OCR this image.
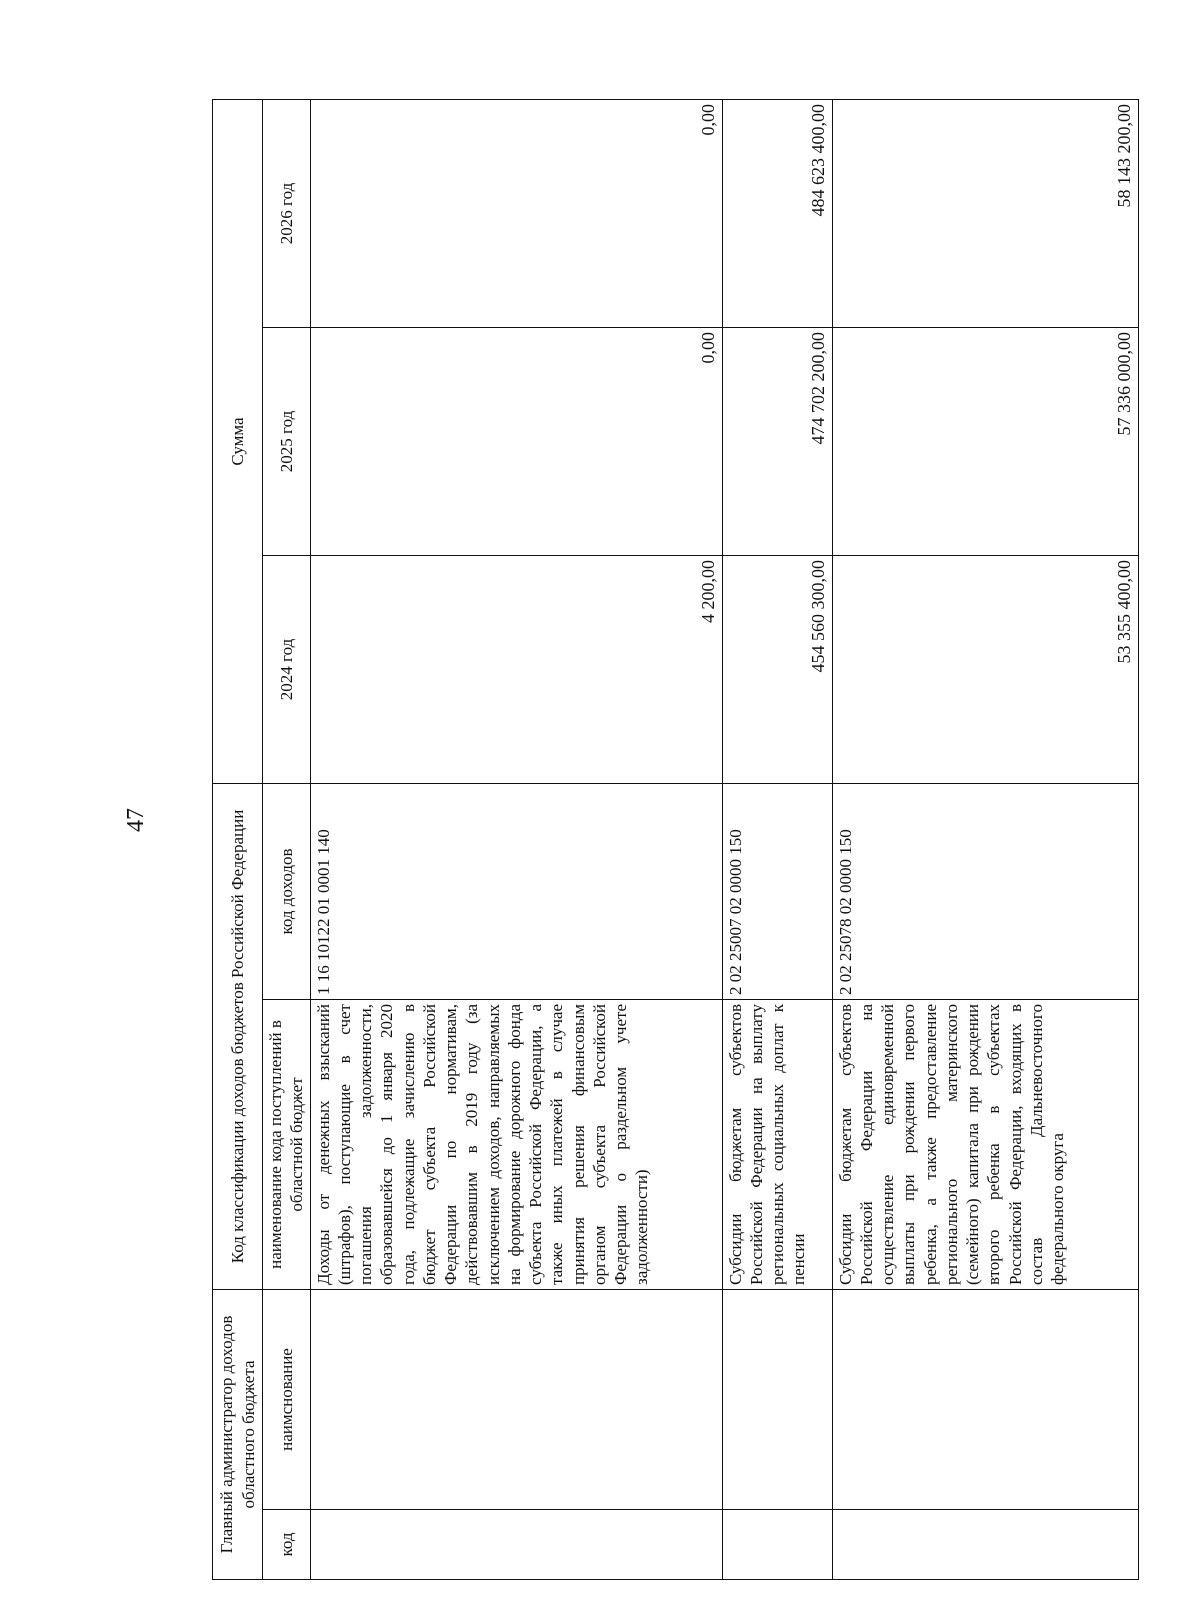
47
Главный администратор доходов областного бюджета		Код классификации доходов бюджетов Российской Федерации		Сумма		
код	наимснование	наименование кода поступлений в областной бюджет	код доходов	2024 год	2025 год	2026 год
		Доходы от денежных взысканий (штрафов), поступающие в счет погашения задолженности, образовавшейся до 1 января 2020 года, подлежащие зачислению в бюджет субъекта Российской Федерации по нормативам, действовавшим в 2019 году (за исключением доходов, направляемых на формирование дорожного фонда субъекта Российской Федерации, а также иных платежей в случае принятия решения финансовым органом субъекта Российской Федерации о раздельном учете задолженности)	1 16 10122 01 0001 140	4 200,00	0,00	0,00
		Субсидии бюджетам субъектов Российской Федерации на выплату региональных социальных доплат к пенсии	2 02 25007 02 0000 150	454 560 300,00	474 702 200,00	484 623 400,00
		Субсидии бюджетам субъектов Российской Федерации на осуществление единовременной выплаты при рождении первого ребенка, а также предоставление регионального материнского (семейного) капитала при рождении второго ребенка в субъектах Российской Федерации, входящих в состав Дальневосточного федерального округа	2 02 25078 02 0000 150	53 355 400,00	57 336 000,00	58 143 200,00
